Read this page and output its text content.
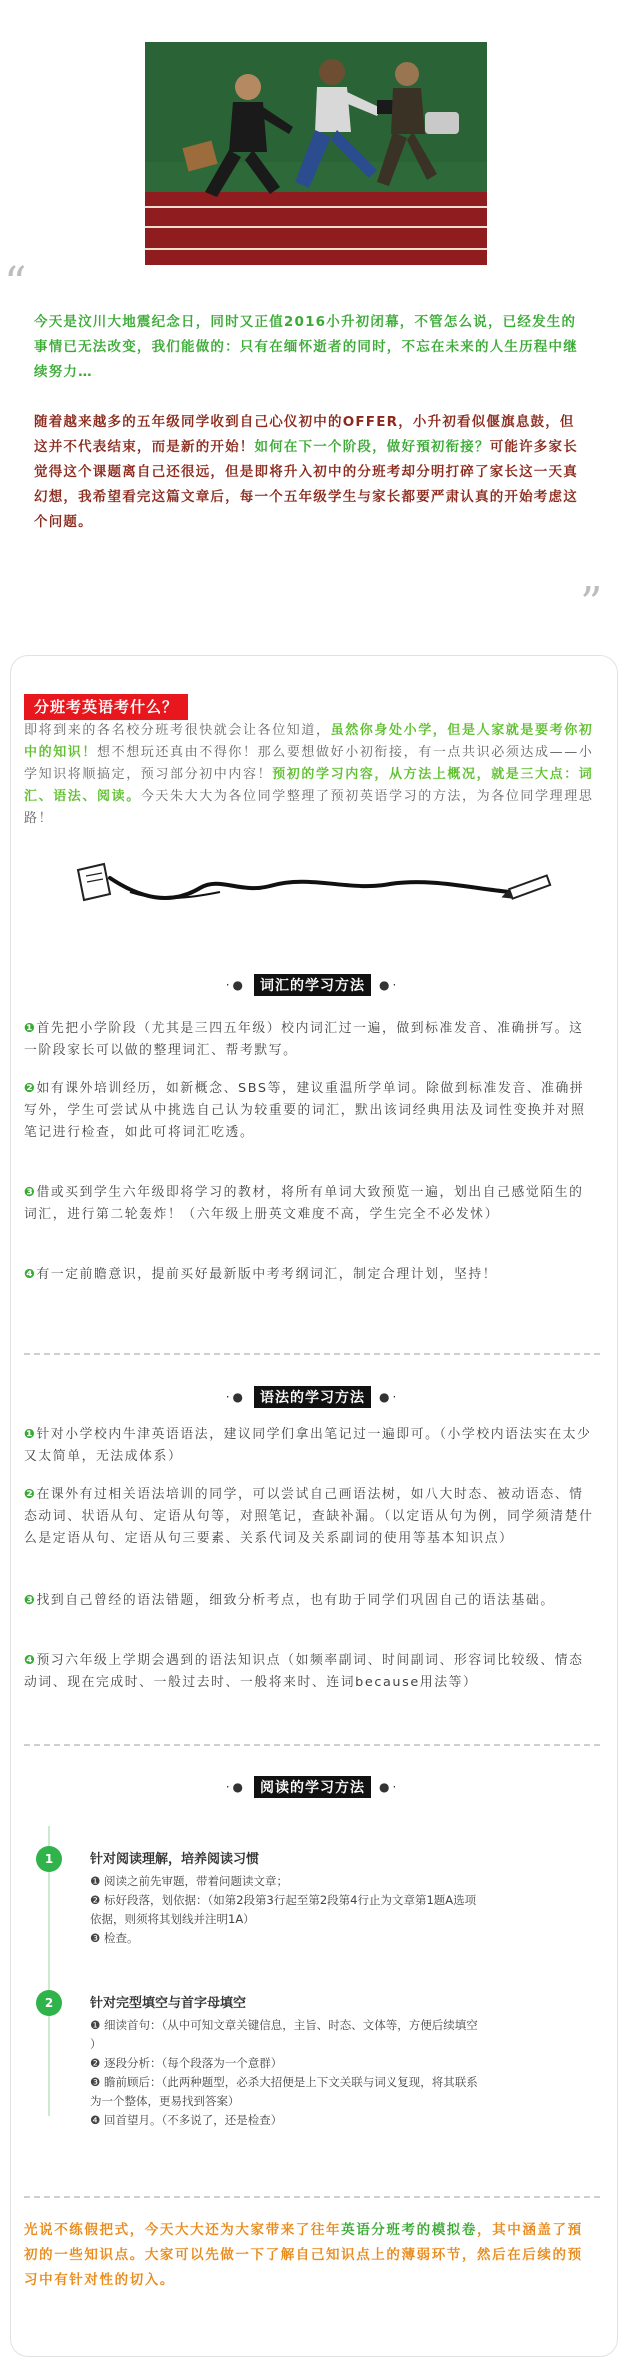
“
今天是汶川大地震纪念日，同时又正值2016小升初闭幕，不管怎么说，已经发生的事情已无法改变，我们能做的：只有在缅怀逝者的同时，不忘在未来的人生历程中继续努力…
随着越来越多的五年级同学收到自己心仪初中的OFFER，小升初看似偃旗息鼓，但这并不代表结束，而是新的开始！如何在下一个阶段，做好預初衔接？可能许多家长觉得这个课题离自己还很远，但是即将升入初中的分班考却分明打碎了家长这一天真幻想，我希望看完这篇文章后，每一个五年级学生与家长都要严肃认真的开始考虑这个问题。
”
分班考英语考什么？
即将到来的各名校分班考很快就会让各位知道，虽然你身处小学，但是人家就是要考你初中的知识！想不想玩还真由不得你！那么要想做好小初衔接，有一点共识必须达成——小学知识将顺搞定，预习部分初中内容！预初的学习内容，从方法上概况，就是三大点：词汇、语法、阅读。今天朱大大为各位同学整理了预初英语学习的方法，为各位同学理理思路！
·● 词汇的学习方法 ●·
❶首先把小学阶段（尤其是三四五年级）校内词汇过一遍，做到标准发音、准确拼写。这一阶段家长可以做的整理词汇、帮考默写。
❷如有课外培训经历，如新概念、SBS等，建议重温所学单词。除做到标准发音、准确拼写外，学生可尝试从中挑选自己认为较重要的词汇，默出该词经典用法及词性变换并对照笔记进行检查，如此可将词汇吃透。
❸借或买到学生六年级即将学习的教材，将所有单词大致预览一遍，划出自己感觉陌生的词汇，进行第二轮轰炸！（六年级上册英文难度不高，学生完全不必发怵）
❹有一定前瞻意识，提前买好最新版中考考纲词汇，制定合理计划，坚持！
·● 语法的学习方法 ●·
❶针对小学校内牛津英语语法，建议同学们拿出笔记过一遍即可。（小学校内语法实在太少又太简单，无法成体系）
❷在课外有过相关语法培训的同学，可以尝试自己画语法树，如八大时态、被动语态、情态动词、状语从句、定语从句等，对照笔记，查缺补漏。（以定语从句为例，同学须清楚什么是定语从句、定语从句三要素、关系代词及关系副词的使用等基本知识点）
❸找到自己曾经的语法错题，细致分析考点，也有助于同学们巩固自己的语法基础。
❹预习六年级上学期会遇到的语法知识点（如频率副词、时间副词、形容词比较级、情态动词、现在完成时、一般过去时、一般将来时、连词because用法等）
·● 阅读的学习方法 ●·
1	针对阅读理解，培养阅读习惯
❶ 阅读之前先审题，带着问题读文章；
❷ 标好段落，划依据：（如第2段第3行起至第2段第4行止为文章第1题A选项
依据，则须将其划线并注明1A）
❸ 检查。
2	针对完型填空与首字母填空
❶ 细读首句：（从中可知文章关键信息，主旨、时态、文体等，方便后续填空
）
❷ 逐段分析：（每个段落为一个意群）
❸ 瞻前顾后：（此两种题型，必杀大招便是上下文关联与词义复现，将其联系
为一个整体，更易找到答案）
❹ 回首望月。（不多说了，还是检查）
光说不练假把式，今天大大还为大家带来了往年英语分班考的模拟卷，其中涵盖了預初的一些知识点。大家可以先做一下了解自己知识点上的薄弱环节，然后在后续的预习中有针对性的切入。
